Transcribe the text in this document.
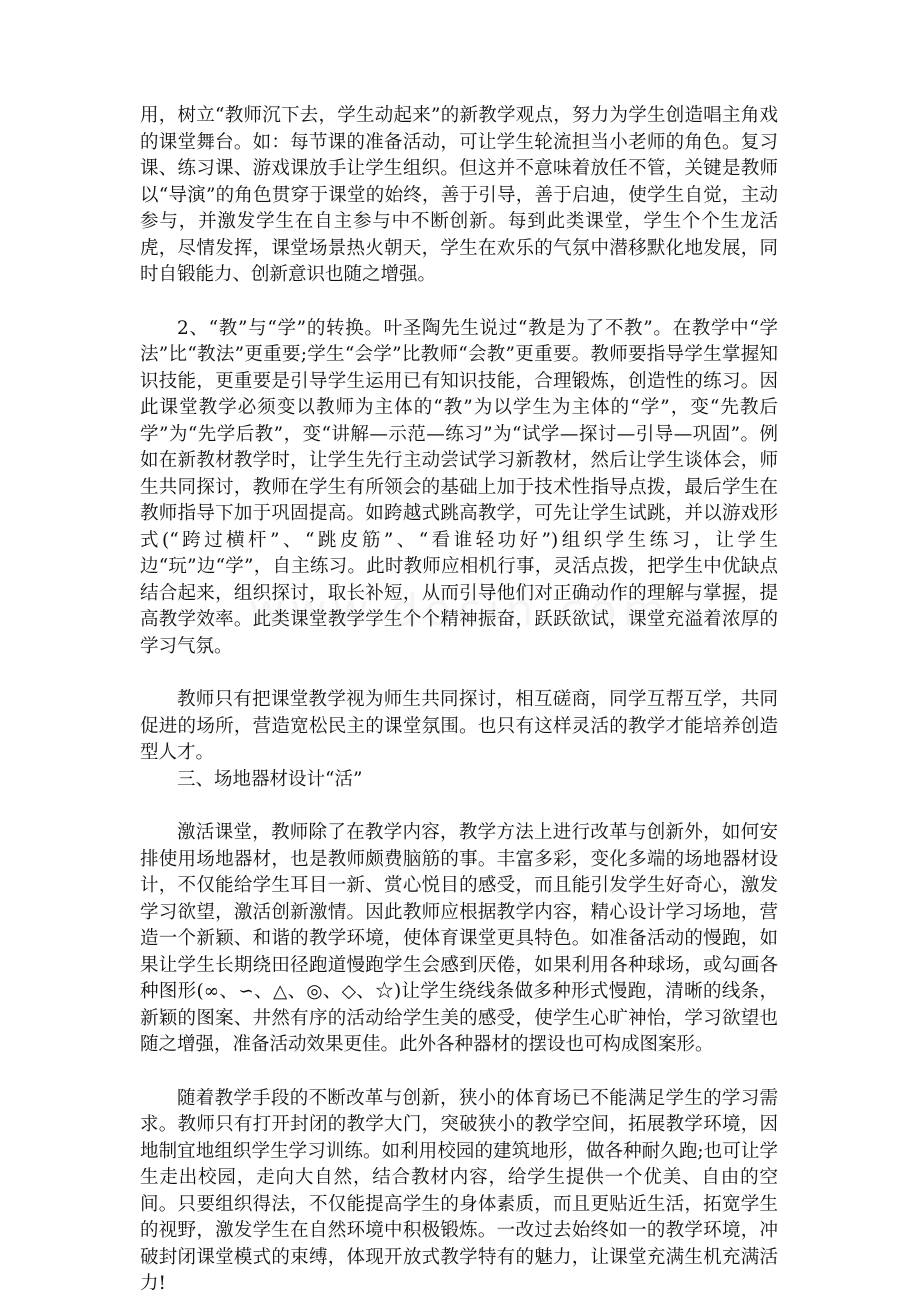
用，树立“教师沉下去，学生动起来”的新教学观点，努力为学生创造唱主角戏的课堂舞台。如：每节课的准备活动，可让学生轮流担当小老师的角色。复习课、练习课、游戏课放手让学生组织。但这并不意味着放任不管，关键是教师以“导演”的角色贯穿于课堂的始终，善于引导，善于启迪，使学生自觉，主动参与，并激发学生在自主参与中不断创新。每到此类课堂，学生个个生龙活虎，尽情发挥，课堂场景热火朝天，学生在欢乐的气氛中潜移默化地发展，同时自锻能力、创新意识也随之增强。

2、“教”与“学”的转换。叶圣陶先生说过“教是为了不教”。在教学中“学法”比“教法”更重要;学生“会学”比教师“会教”更重要。教师要指导学生掌握知识技能，更重要是引导学生运用已有知识技能，合理锻炼，创造性的练习。因此课堂教学必须变以教师为主体的“教”为以学生为主体的“学”，变“先教后学”为“先学后教”，变“讲解—示范—练习”为“试学—探讨—引导—巩固”。例如在新教材教学时，让学生先行主动尝试学习新教材，然后让学生谈体会，师生共同探讨，教师在学生有所领会的基础上加于技术性指导点拨，最后学生在教师指导下加于巩固提高。如跨越式跳高教学，可先让学生试跳，并以游戏形式(“跨过横杆”、“跳皮筋”、“看谁轻功好”)组织学生练习，让学生边“玩”边“学”，自主练习。此时教师应相机行事，灵活点拨，把学生中优缺点结合起来，组织探讨，取长补短，从而引导他们对正确动作的理解与掌握，提高教学效率。此类课堂教学学生个个精神振奋，跃跃欲试，课堂充溢着浓厚的学习气氛。

教师只有把课堂教学视为师生共同探讨，相互磋商，同学互帮互学，共同促进的场所，营造宽松民主的课堂氛围。也只有这样灵活的教学才能培养创造型人才。

三、场地器材设计“活”

激活课堂，教师除了在教学内容，教学方法上进行改革与创新外，如何安排使用场地器材，也是教师颇费脑筋的事。丰富多彩，变化多端的场地器材设计，不仅能给学生耳目一新、赏心悦目的感受，而且能引发学生好奇心，激发学习欲望，激活创新激情。因此教师应根据教学内容，精心设计学习场地，营造一个新颖、和谐的教学环境，使体育课堂更具特色。如准备活动的慢跑，如果让学生长期绕田径跑道慢跑学生会感到厌倦，如果利用各种球场，或勾画各种图形(∞、∽、△、◎、◇、☆)让学生绕线条做多种形式慢跑，清晰的线条，新颖的图案、井然有序的活动给学生美的感受，使学生心旷神怡，学习欲望也随之增强，准备活动效果更佳。此外各种器材的摆设也可构成图案形。

随着教学手段的不断改革与创新，狭小的体育场已不能满足学生的学习需求。教师只有打开封闭的教学大门，突破狭小的教学空间，拓展教学环境，因地制宜地组织学生学习训练。如利用校园的建筑地形，做各种耐久跑;也可让学生走出校园，走向大自然，结合教材内容，给学生提供一个优美、自由的空间。只要组织得法，不仅能提高学生的身体素质，而且更贴近生活，拓宽学生的视野，激发学生在自然环境中积极锻炼。一改过去始终如一的教学环境，冲破封闭课堂模式的束缚，体现开放式教学特有的魅力，让课堂充满生机充满活力!
